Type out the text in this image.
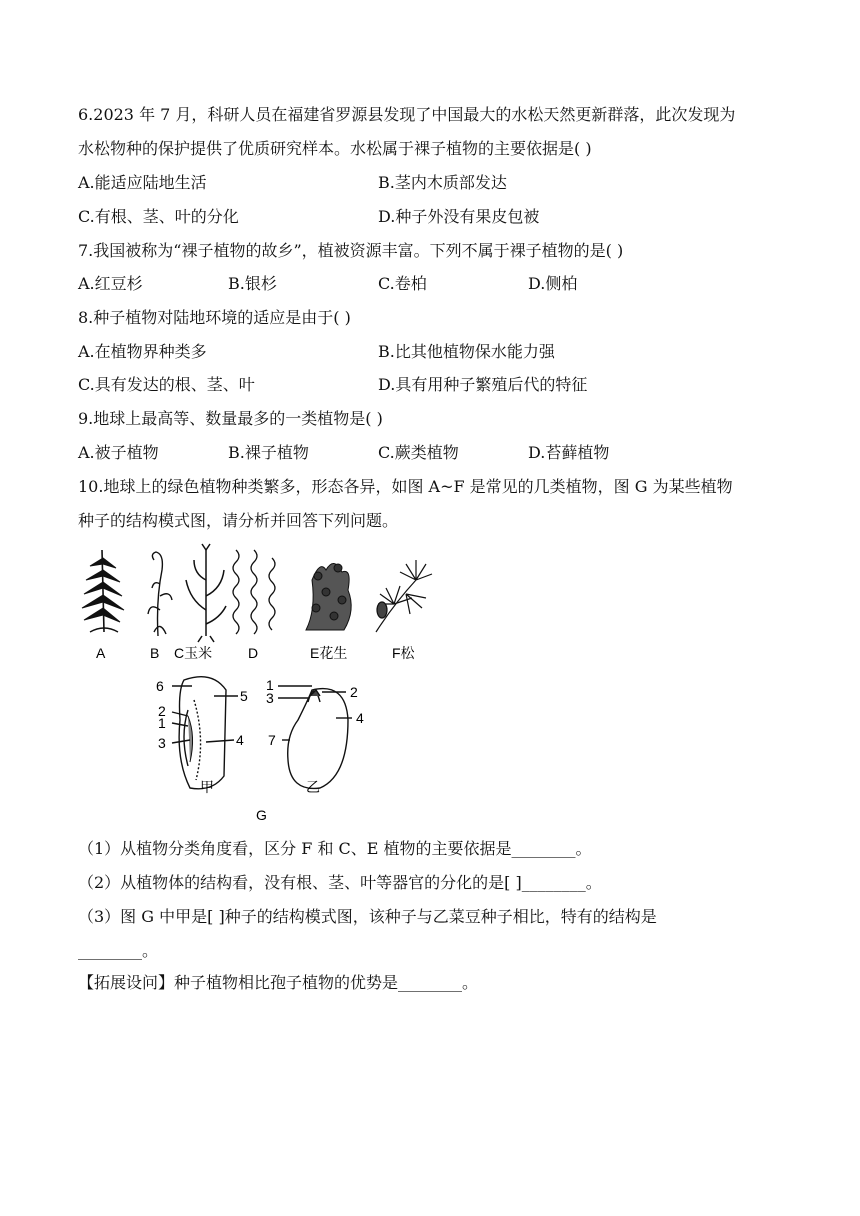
6.2023 年 7 月，科研人员在福建省罗源县发现了中国最大的水松天然更新群落，此次发现为
水松物种的保护提供了优质研究样本。水松属于裸子植物的主要依据是( )
A.能适应陆地生活	B.茎内木质部发达
C.有根、茎、叶的分化	D.种子外没有果皮包被
7.我国被称为“裸子植物的故乡”，植被资源丰富。下列不属于裸子植物的是( )
A.红豆杉	B.银杉	C.卷柏	D.侧柏
8.种子植物对陆地环境的适应是由于( )
A.在植物界种类多	B.比其他植物保水能力强
C.具有发达的根、茎、叶	D.具有用种子繁殖后代的特征
9.地球上最高等、数量最多的一类植物是( )
A.被子植物	B.裸子植物	C.蕨类植物	D.苔藓植物
10.地球上的绿色植物种类繁多，形态各异，如图 A~F 是常见的几类植物，图 G 为某些植物
种子的结构模式图，请分析并回答下列问题。
A	B C玉米	D	E花生	F松
6
5
2
1
3	4
甲
1
3	2
4
7
乙
G
（1）从植物分类角度看，区分 F 和 C、E 植物的主要依据是________。
（2）从植物体的结构看，没有根、茎、叶等器官的分化的是[ ]________。
（3）图 G 中甲是[ ]种子的结构模式图，该种子与乙菜豆种子相比，特有的结构是
________。
【拓展设问】种子植物相比孢子植物的优势是________。
